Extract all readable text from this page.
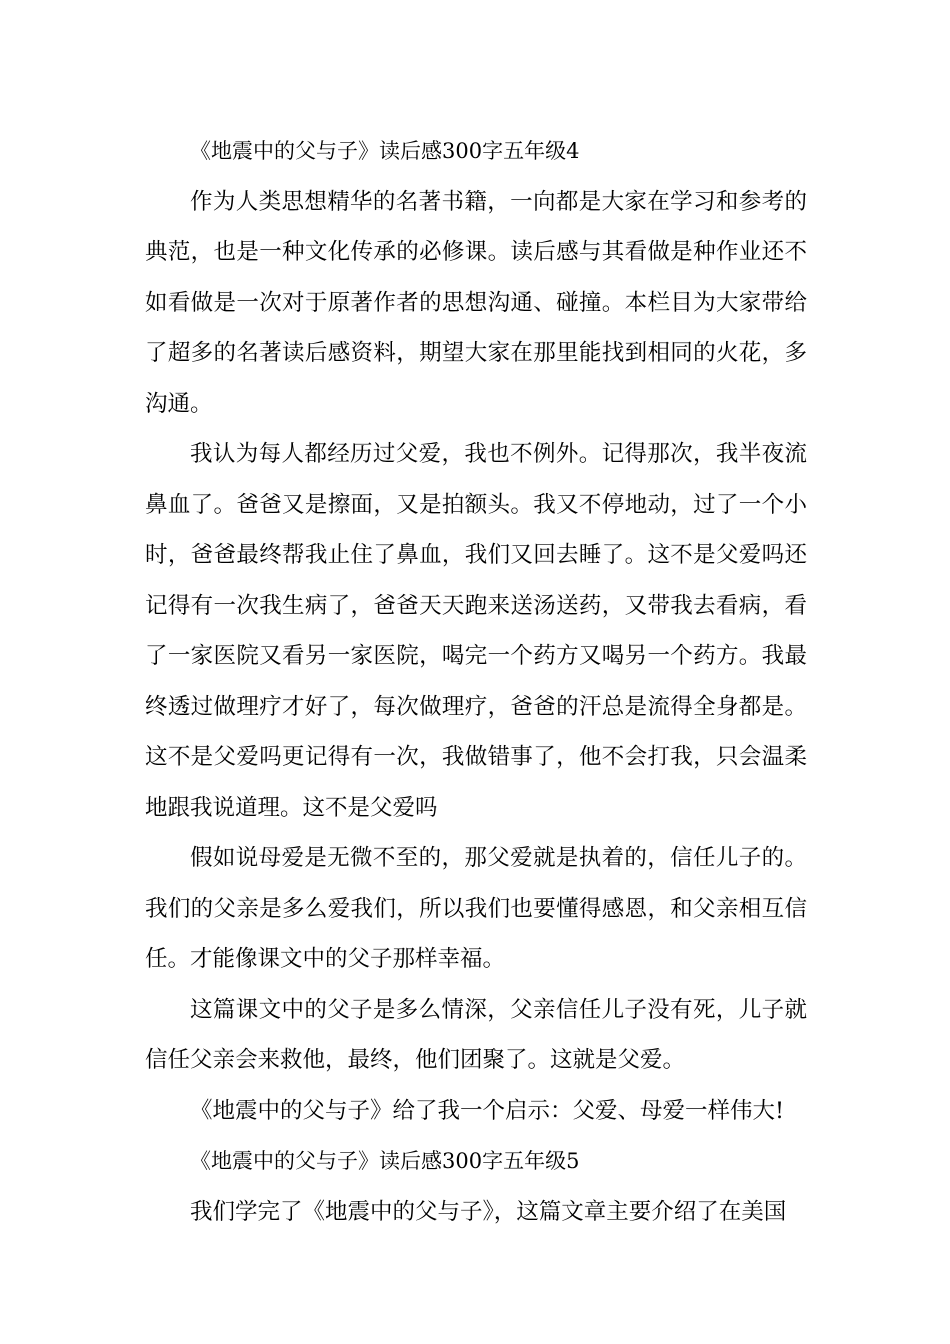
《地震中的父与子》读后感300字五年级4

作为人类思想精华的名著书籍，一向都是大家在学习和参考的典范，也是一种文化传承的必修课。读后感与其看做是种作业还不如看做是一次对于原著作者的思想沟通、碰撞。本栏目为大家带给了超多的名著读后感资料，期望大家在那里能找到相同的火花，多沟通。

我认为每人都经历过父爱，我也不例外。记得那次，我半夜流鼻血了。爸爸又是擦面，又是拍额头。我又不停地动，过了一个小时，爸爸最终帮我止住了鼻血，我们又回去睡了。这不是父爱吗还记得有一次我生病了，爸爸天天跑来送汤送药，又带我去看病，看了一家医院又看另一家医院，喝完一个药方又喝另一个药方。我最终透过做理疗才好了，每次做理疗，爸爸的汗总是流得全身都是。这不是父爱吗更记得有一次，我做错事了，他不会打我，只会温柔地跟我说道理。这不是父爱吗

假如说母爱是无微不至的，那父爱就是执着的，信任儿子的。我们的父亲是多么爱我们，所以我们也要懂得感恩，和父亲相互信任。才能像课文中的父子那样幸福。

这篇课文中的父子是多么情深，父亲信任儿子没有死，儿子就信任父亲会来救他，最终，他们团聚了。这就是父爱。

《地震中的父与子》给了我一个启示：父爱、母爱一样伟大!

《地震中的父与子》读后感300字五年级5

我们学完了《地震中的父与子》，这篇文章主要介绍了在美国
